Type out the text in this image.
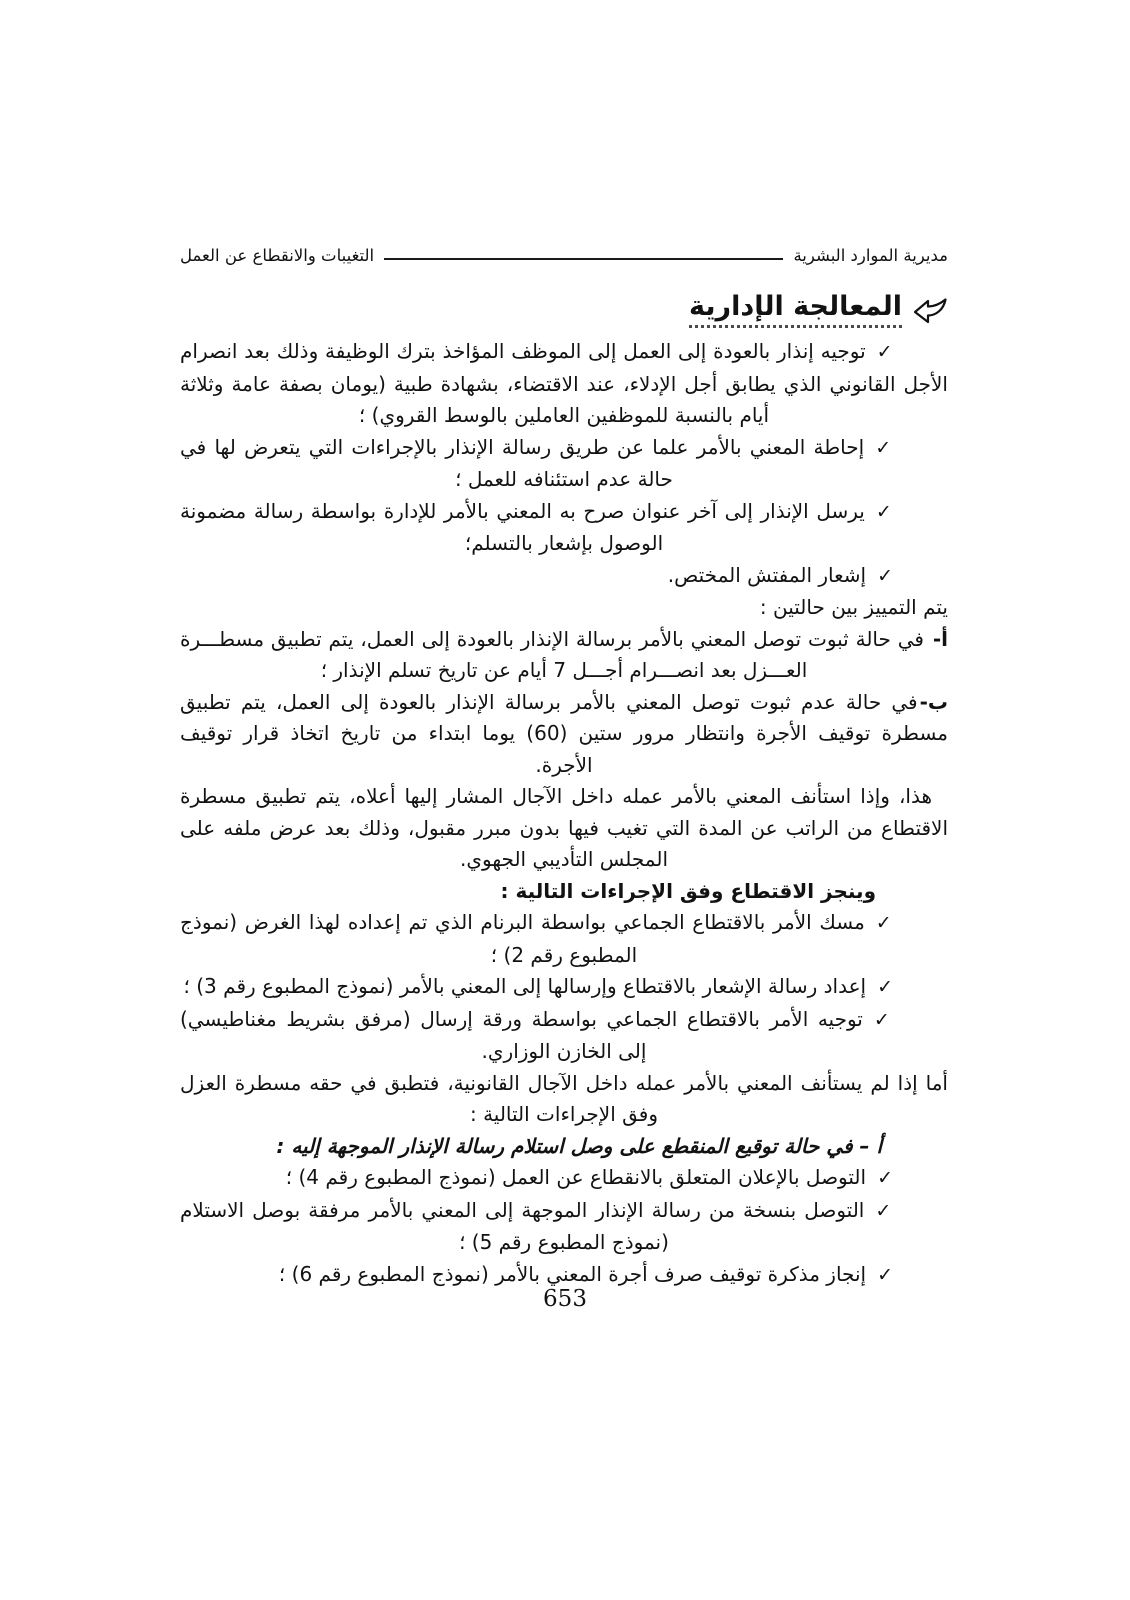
مديرية الموارد البشرية
التغيبات والانقطاع عن العمل
المعالجة الإدارية

✓توجيه إنذار بالعودة إلى العمل إلى الموظف المؤاخذ بترك الوظيفة وذلك بعد انصرام الأجل القانوني الذي يطابق أجل الإدلاء، عند الاقتضاء، بشهادة طبية (يومان بصفة عامة وثلاثة أيام بالنسبة للموظفين العاملين بالوسط القروي) ؛

✓إحاطة المعني بالأمر علما عن طريق رسالة الإنذار بالإجراءات التي يتعرض لها في حالة عدم استئنافه للعمل ؛

✓يرسل الإنذار إلى آخر عنوان صرح به المعني بالأمر للإدارة بواسطة رسالة مضمونة الوصول بإشعار بالتسلم؛

✓إشعار المفتش المختص.

يتم التمييز بين حالتين :

أ- في حالة ثبوت توصل المعني بالأمر برسالة الإنذار بالعودة إلى العمل، يتم تطبيق مسطـــرة العـــزل بعد انصـــرام أجـــل 7 أيام عن تاريخ تسلم الإنذار ؛

ب-في حالة عدم ثبوت توصل المعني بالأمر برسالة الإنذار بالعودة إلى العمل، يتم تطبيق مسطرة توقيف الأجرة وانتظار مرور ستين (60) يوما ابتداء من تاريخ اتخاذ قرار توقيف الأجرة.

هذا، وإذا استأنف المعني بالأمر عمله داخل الآجال المشار إليها أعلاه، يتم تطبيق مسطرة الاقتطاع من الراتب عن المدة التي تغيب فيها بدون مبرر مقبول، وذلك بعد عرض ملفه على المجلس التأديبي الجهوي.

وينجز الاقتطاع وفق الإجراءات التالية :

✓مسك الأمر بالاقتطاع الجماعي بواسطة البرنام الذي تم إعداده لهذا الغرض (نموذج المطبوع رقم 2) ؛

✓إعداد رسالة الإشعار بالاقتطاع وإرسالها إلى المعني بالأمر (نموذج المطبوع رقم 3) ؛

✓توجيه الأمر بالاقتطاع الجماعي بواسطة ورقة إرسال (مرفق بشريط مغناطيسي) إلى الخازن الوزاري.

أما إذا لم يستأنف المعني بالأمر عمله داخل الآجال القانونية، فتطبق في حقه مسطرة العزل وفق الإجراءات التالية :

أ – في حالة توقيع المنقطع على وصل استلام رسالة الإنذار الموجهة إليه :

✓التوصل بالإعلان المتعلق بالانقطاع عن العمل (نموذج المطبوع رقم 4) ؛

✓التوصل بنسخة من رسالة الإنذار الموجهة إلى المعني بالأمر مرفقة بوصل الاستلام (نموذج المطبوع رقم 5) ؛

✓إنجاز مذكرة توقيف صرف أجرة المعني بالأمر (نموذج المطبوع رقم 6) ؛

653
